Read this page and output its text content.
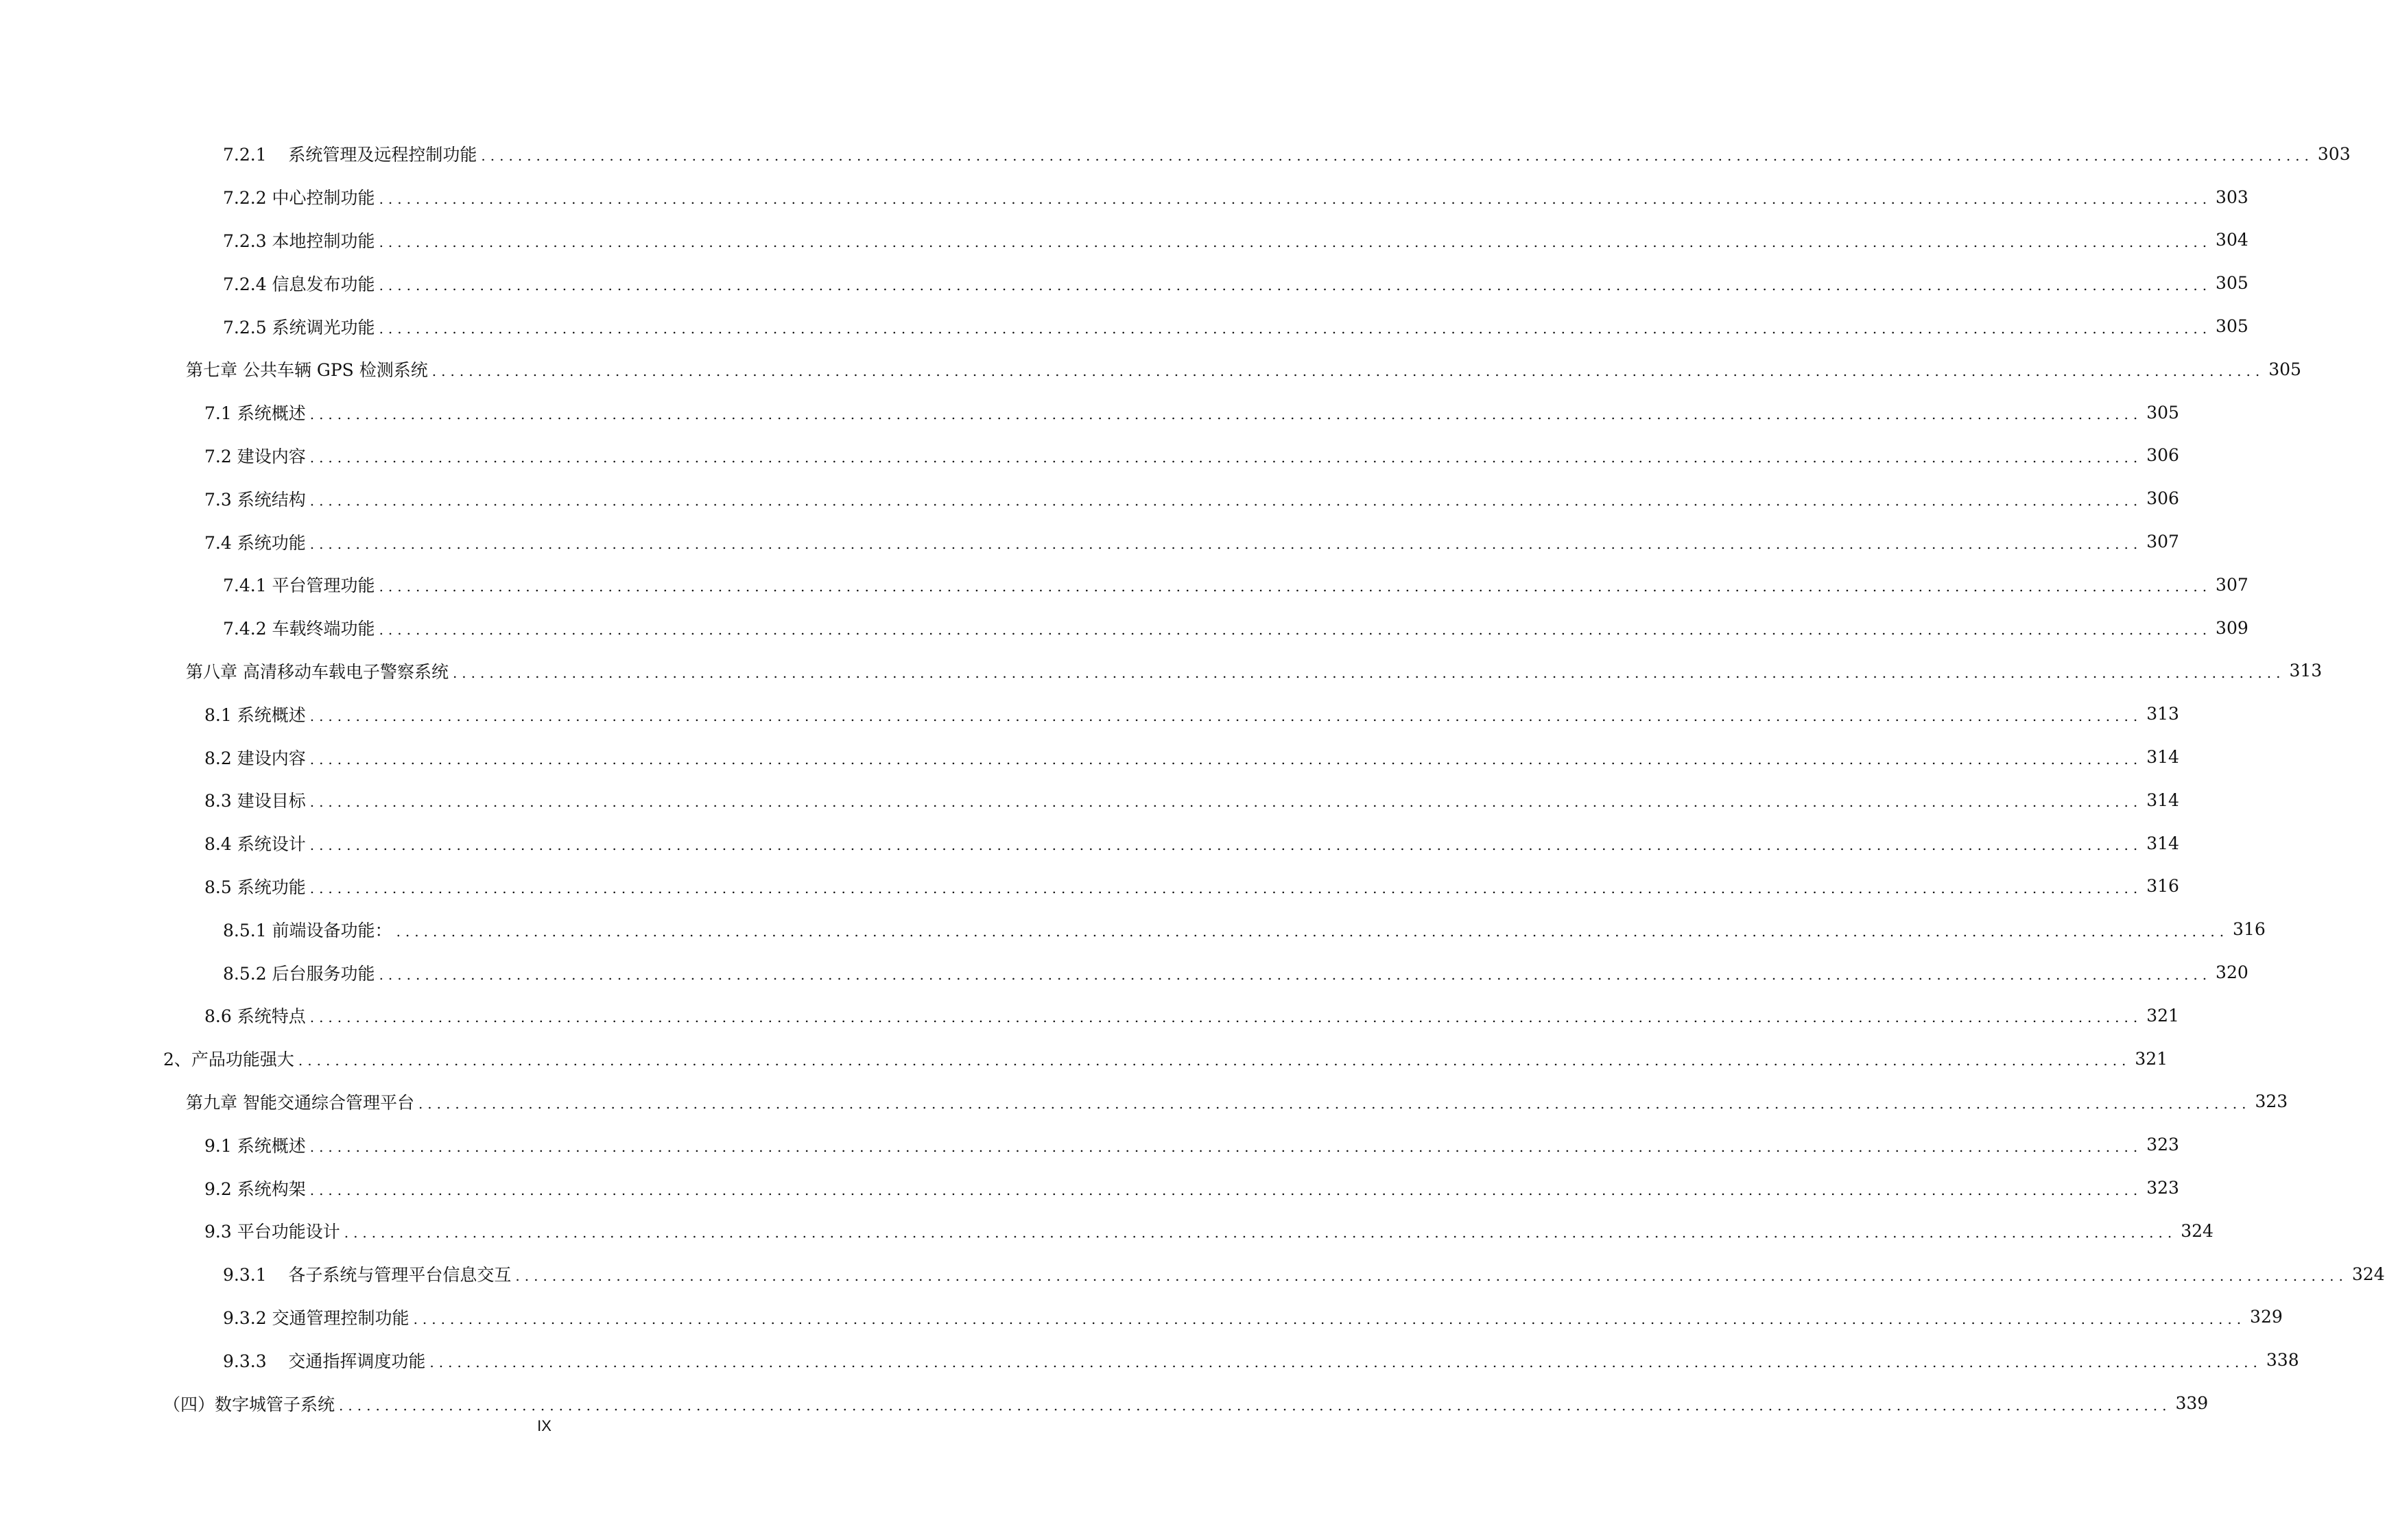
7.2.1    系统管理及远程控制功能 ........................................................................................................................................................................................................ 303
7.2.2 中心控制功能 ........................................................................................................................................................................................................ 303
7.2.3 本地控制功能 ........................................................................................................................................................................................................ 304
7.2.4 信息发布功能 ........................................................................................................................................................................................................ 305
7.2.5 系统调光功能 ........................................................................................................................................................................................................ 305
第七章 公共车辆 GPS 检测系统 ........................................................................................................................................................................................................ 305
7.1 系统概述 ........................................................................................................................................................................................................ 305
7.2 建设内容 ........................................................................................................................................................................................................ 306
7.3 系统结构 ........................................................................................................................................................................................................ 306
7.4 系统功能 ........................................................................................................................................................................................................ 307
7.4.1 平台管理功能 ........................................................................................................................................................................................................ 307
7.4.2 车载终端功能 ........................................................................................................................................................................................................ 309
第八章 高清移动车载电子警察系统 ........................................................................................................................................................................................................ 313
8.1 系统概述 ........................................................................................................................................................................................................ 313
8.2 建设内容 ........................................................................................................................................................................................................ 314
8.3 建设目标 ........................................................................................................................................................................................................ 314
8.4 系统设计 ........................................................................................................................................................................................................ 314
8.5 系统功能 ........................................................................................................................................................................................................ 316
8.5.1 前端设备功能： ........................................................................................................................................................................................................ 316
8.5.2 后台服务功能 ........................................................................................................................................................................................................ 320
8.6 系统特点 ........................................................................................................................................................................................................ 321
2、产品功能强大 ........................................................................................................................................................................................................ 321
第九章 智能交通综合管理平台 ........................................................................................................................................................................................................ 323
9.1 系统概述 ........................................................................................................................................................................................................ 323
9.2 系统构架 ........................................................................................................................................................................................................ 323
9.3 平台功能设计 ........................................................................................................................................................................................................ 324
9.3.1    各子系统与管理平台信息交互 ........................................................................................................................................................................................................ 324
9.3.2 交通管理控制功能 ........................................................................................................................................................................................................ 329
9.3.3    交通指挥调度功能 ........................................................................................................................................................................................................ 338
（四）数字城管子系统 ........................................................................................................................................................................................................ 339
IX
